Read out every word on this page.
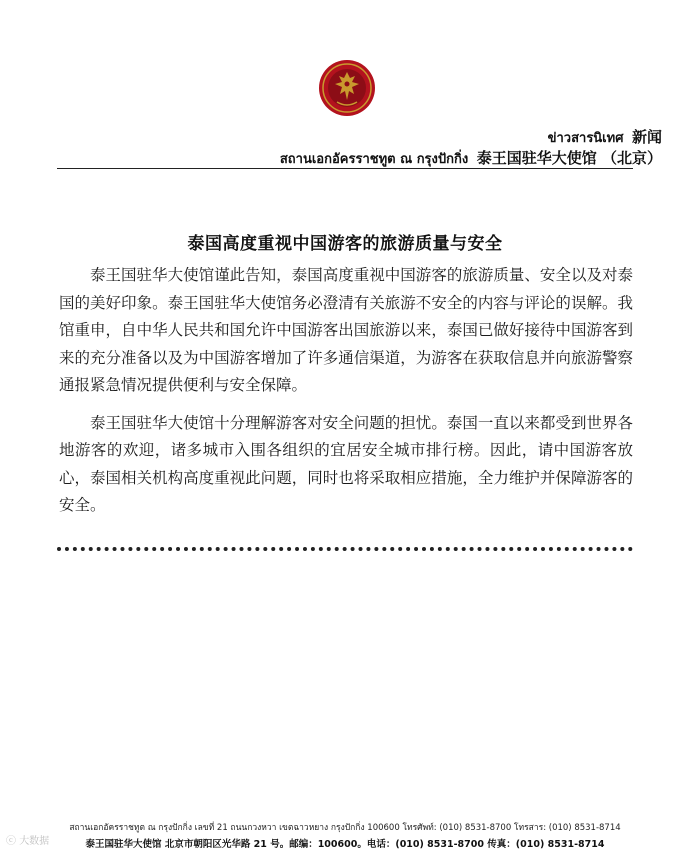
ข่าวสารนิเทศ 新闻
สถานเอกอัครราชทูต ณ กรุงปักกิ่ง 泰王国驻华大使馆 （北京）
泰国高度重视中国游客的旅游质量与安全

泰王国驻华大使馆谨此告知，泰国高度重视中国游客的旅游质量、安全以及对泰国的美好印象。泰王国驻华大使馆务必澄清有关旅游不安全的内容与评论的误解。我馆重申，自中华人民共和国允许中国游客出国旅游以来，泰国已做好接待中国游客到来的充分准备以及为中国游客增加了许多通信渠道，为游客在获取信息并向旅游警察通报紧急情况提供便利与安全保障。

泰王国驻华大使馆十分理解游客对安全问题的担忧。泰国一直以来都受到世界各地游客的欢迎，诸多城市入围各组织的宜居安全城市排行榜。因此，请中国游客放心，泰国相关机构高度重视此问题，同时也将采取相应措施，全力维护并保障游客的安全。

สถานเอกอัครราชทูต ณ กรุงปักกิ่ง เลขที่ 21 ถนนกวงหวา เขตฉาวหยาง กรุงปักกิ่ง 100600 โทรศัพท์: (010) 8531-8700 โทรสาร: (010) 8531-8714
泰王国驻华大使馆 北京市朝阳区光华路 21 号。邮编：100600。电话：(010) 8531-8700 传真：(010) 8531-8714
ⓒ 大数据
